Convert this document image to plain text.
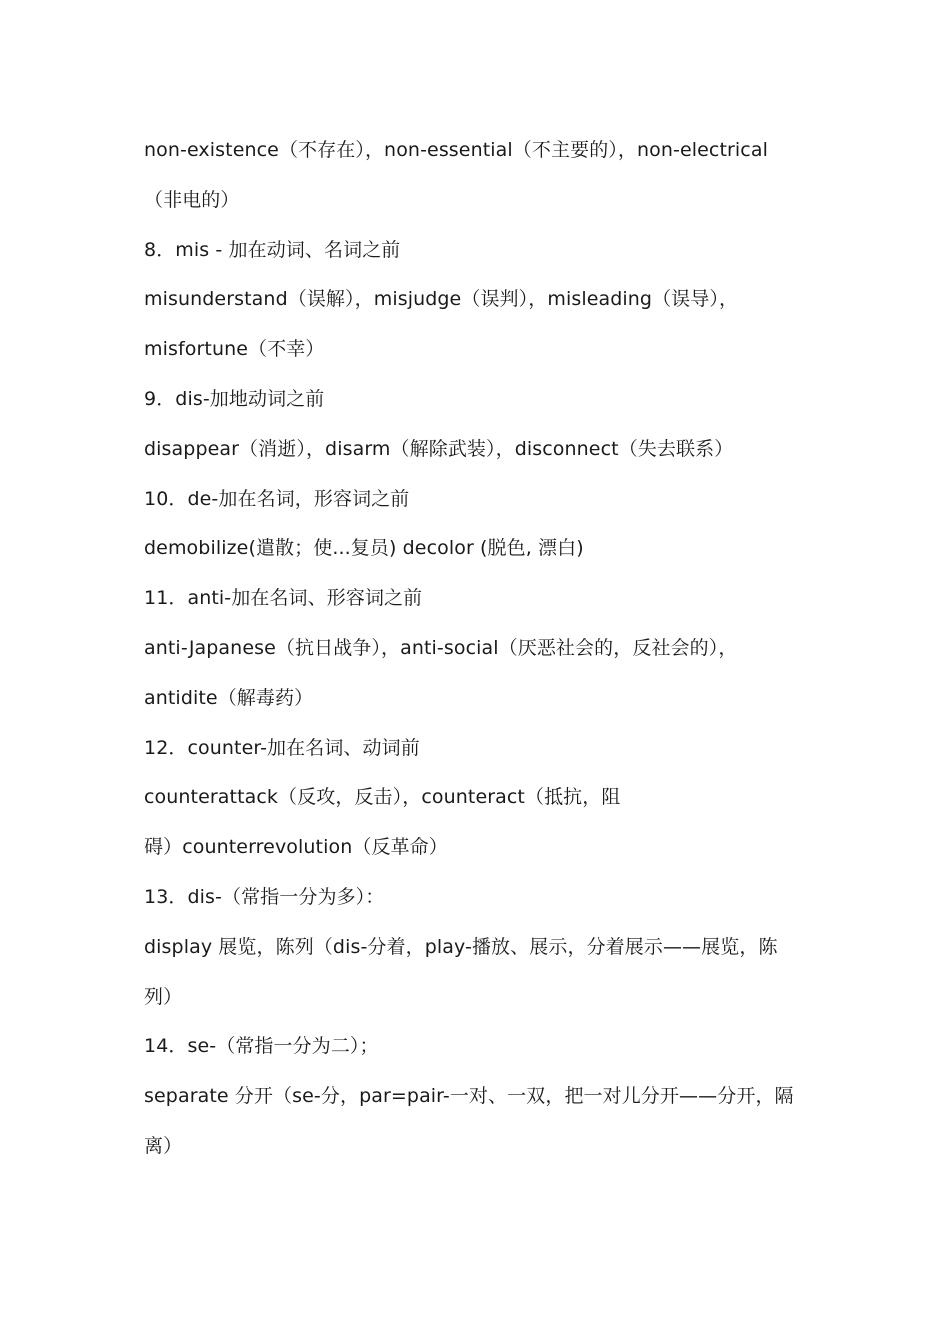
non-existence（不存在），non-essential（不主要的），non-electrical
（非电的）
8．mis - 加在动词、名词之前
misunderstand（误解），misjudge（误判），misleading（误导），
misfortune（不幸）
9．dis-加地动词之前
disappear（消逝），disarm（解除武装），disconnect（失去联系）
10．de-加在名词，形容词之前
demobilize(遣散；使...复员) decolor (脱色, 漂白)
11．anti-加在名词、形容词之前
anti-Japanese（抗日战争），anti-social（厌恶社会的，反社会的），
antidite（解毒药）
12．counter-加在名词、动词前
counterattack（反攻，反击），counteract（抵抗，阻
碍）counterrevolution（反革命）
13．dis-（常指一分为多）：
display 展览，陈列（dis-分着，play-播放、展示，分着展示——展览，陈
列）
14．se-（常指一分为二）；
separate 分开（se-分，par=pair-一对、一双，把一对儿分开——分开，隔
离）
